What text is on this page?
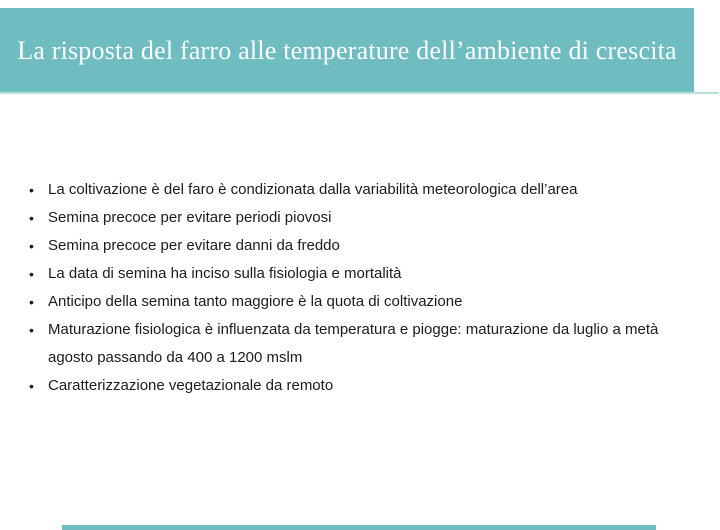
La risposta del farro alle temperature dell’ambiente di crescita
• La coltivazione è del faro è condizionata dalla variabilità meteorologica dell’area
• Semina precoce per evitare periodi piovosi
• Semina precoce per evitare danni da freddo
• La data di semina ha inciso sulla fisiologia e mortalità
• Anticipo della semina tanto maggiore è la quota di coltivazione
• Maturazione fisiologica è influenzata da temperatura e piogge: maturazione da luglio a metà agosto passando da 400 a 1200 mslm
• Caratterizzazione vegetazionale da remoto
